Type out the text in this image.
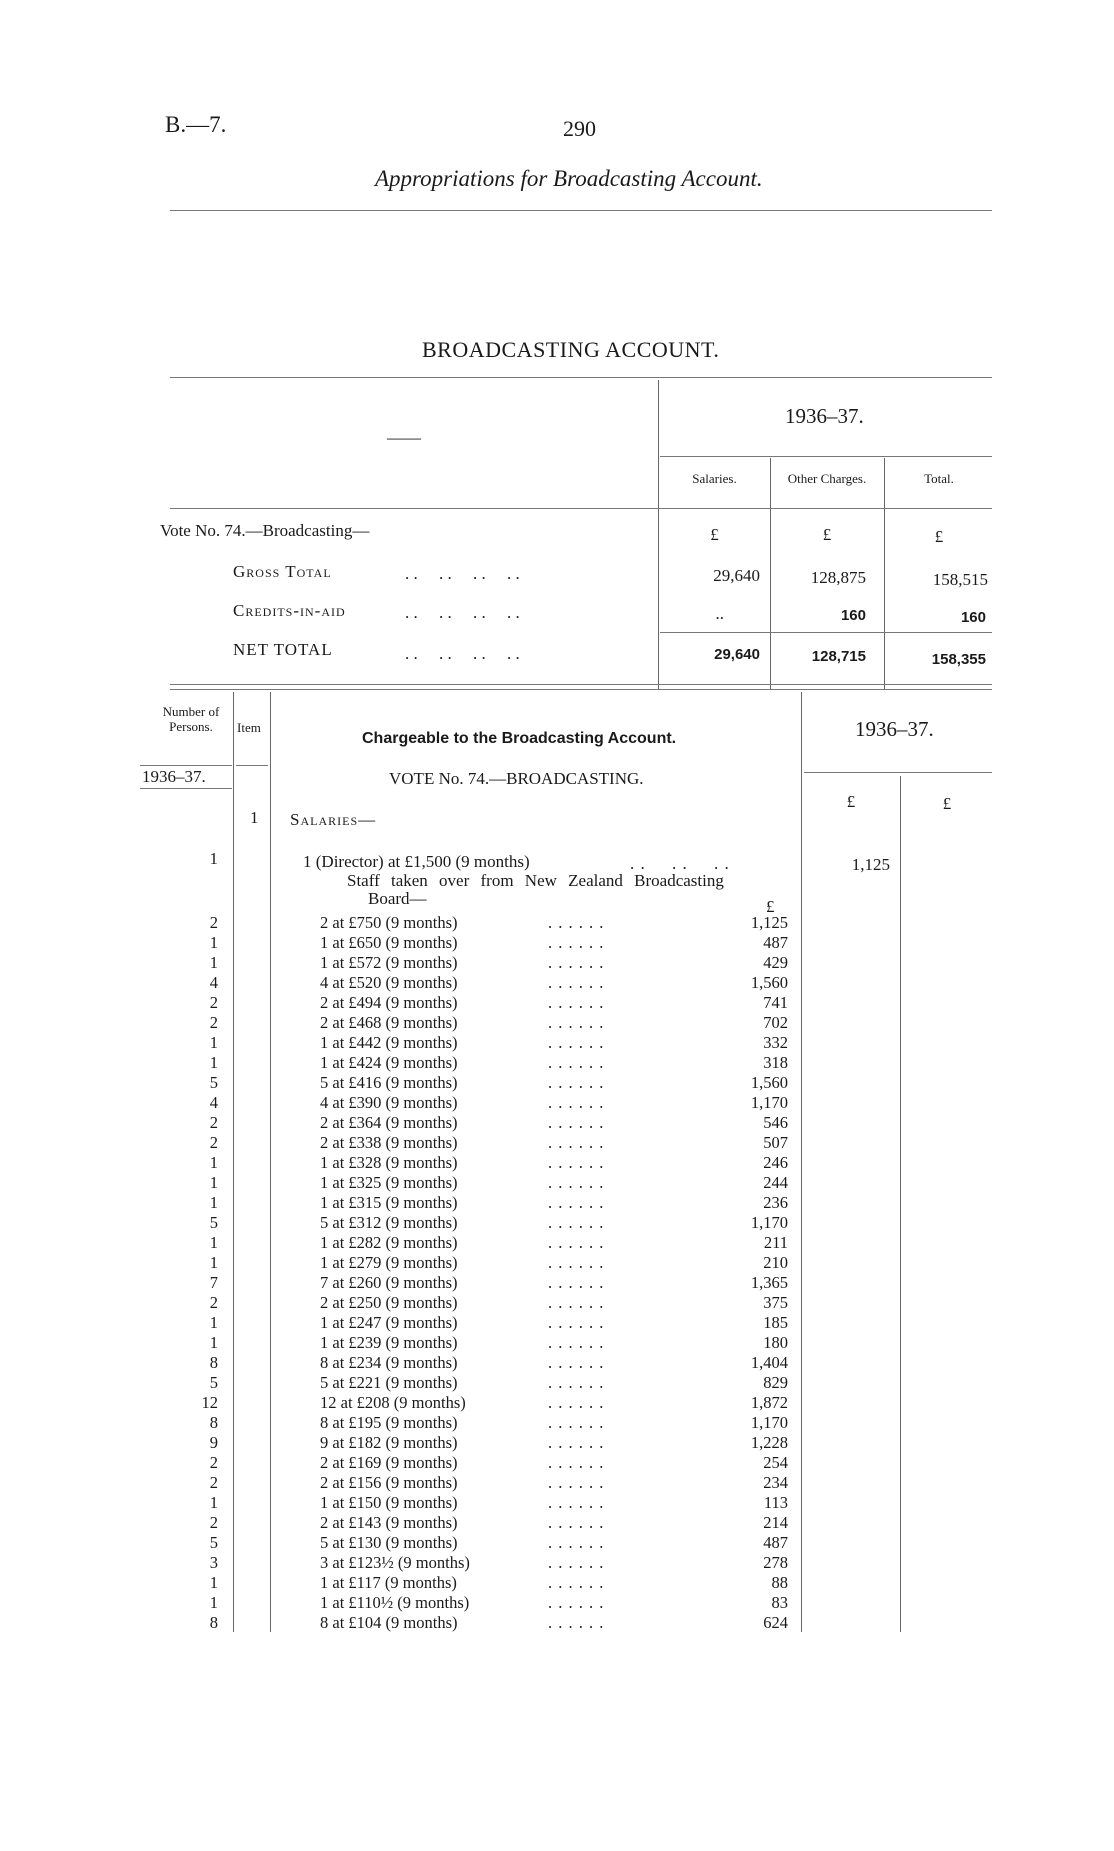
B.—7.	290
Appropriations for Broadcasting Account.
BROADCASTING ACCOUNT.
——
1936–37.
Salaries.	Other Charges.	Total.
Vote No. 74.—Broadcasting—	£	£	£
Gross Total	. .     . .     . .     . .	29,640	128,875	158,515
Credits-in-aid	. .     . .     . .     . .	..	160	160
NET TOTAL	. .     . .     . .     . .	29,640	128,715	158,355
Number of Persons.	Item
Chargeable to the Broadcasting Account.	1936–37.
1936–37.	VOTE No. 74.—BROADCASTING.
£	£
1 Salaries—
1	1 (Director) at £1,500 (9 months)	. .     . .     . .	1,125
Staff taken over from New Zealand Broadcasting
Board—	£
2	2 at £750 (9 months)	. . . . . .	1,125
1	1 at £650 (9 months)	. . . . . .	487
1	1 at £572 (9 months)	. . . . . .	429
4	4 at £520 (9 months)	. . . . . .	1,560
2	2 at £494 (9 months)	. . . . . .	741
2	2 at £468 (9 months)	. . . . . .	702
1	1 at £442 (9 months)	. . . . . .	332
1	1 at £424 (9 months)	. . . . . .	318
5	5 at £416 (9 months)	. . . . . .	1,560
4	4 at £390 (9 months)	. . . . . .	1,170
2	2 at £364 (9 months)	. . . . . .	546
2	2 at £338 (9 months)	. . . . . .	507
1	1 at £328 (9 months)	. . . . . .	246
1	1 at £325 (9 months)	. . . . . .	244
1	1 at £315 (9 months)	. . . . . .	236
5	5 at £312 (9 months)	. . . . . .	1,170
1	1 at £282 (9 months)	. . . . . .	211
1	1 at £279 (9 months)	. . . . . .	210
7	7 at £260 (9 months)	. . . . . .	1,365
2	2 at £250 (9 months)	. . . . . .	375
1	1 at £247 (9 months)	. . . . . .	185
1	1 at £239 (9 months)	. . . . . .	180
8	8 at £234 (9 months)	. . . . . .	1,404
5	5 at £221 (9 months)	. . . . . .	829
12	12 at £208 (9 months)	. . . . . .	1,872
8	8 at £195 (9 months)	. . . . . .	1,170
9	9 at £182 (9 months)	. . . . . .	1,228
2	2 at £169 (9 months)	. . . . . .	254
2	2 at £156 (9 months)	. . . . . .	234
1	1 at £150 (9 months)	. . . . . .	113
2	2 at £143 (9 months)	. . . . . .	214
5	5 at £130 (9 months)	. . . . . .	487
3	3 at £123½ (9 months)	. . . . . .	278
1	1 at £117 (9 months)	. . . . . .	88
1	1 at £110½ (9 months)	. . . . . .	83
8	8 at £104 (9 months)	. . . . . .	624
